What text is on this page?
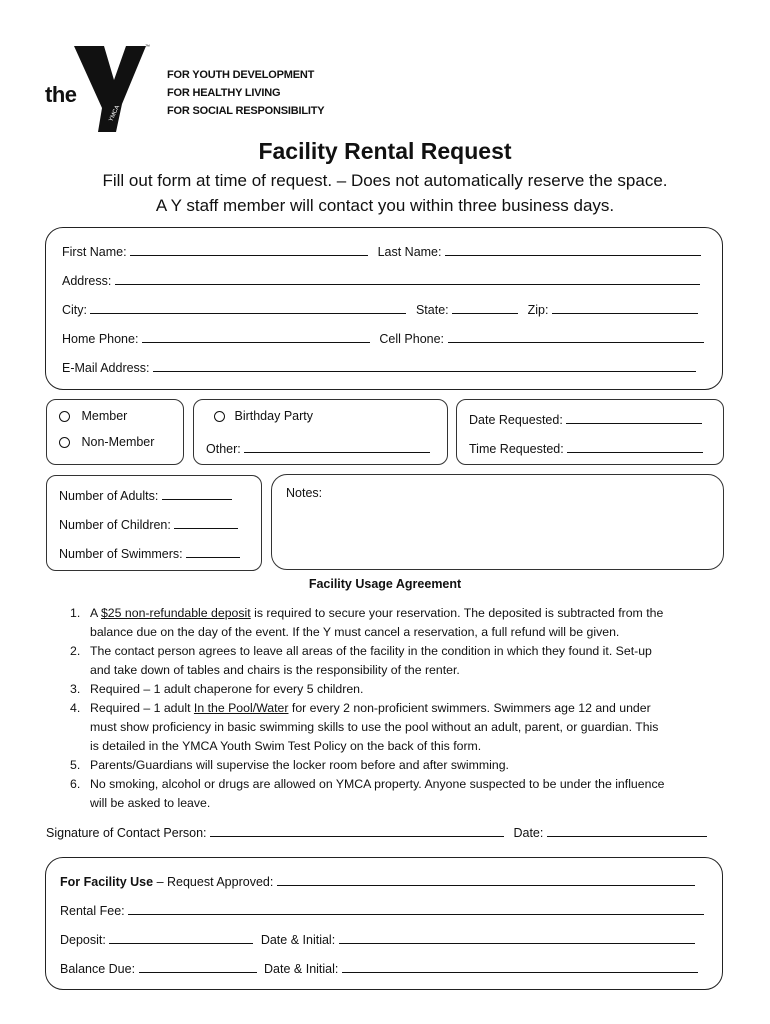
the
™
YMCA
FOR YOUTH DEVELOPMENT
FOR HEALTHY LIVING
FOR SOCIAL RESPONSIBILITY
Facility Rental Request
Fill out form at time of request. – Does not automatically reserve the space.
A Y staff member will contact you within three business days.
First Name:	Last Name:
Address:
City:	State:	Zip:
Home Phone:	Cell Phone:
E-Mail Address:
Member
Non-Member
Birthday Party
Other:
Date Requested:
Time Requested:
Number of Adults:
Number of Children:
Number of Swimmers:
Notes:
Facility Usage Agreement
1. A $25 non-refundable deposit is required to secure your reservation. The deposited is subtracted from the
balance due on the day of the event. If the Y must cancel a reservation, a full refund will be given.
2. The contact person agrees to leave all areas of the facility in the condition in which they found it. Set-up
and take down of tables and chairs is the responsibility of the renter.
3. Required – 1 adult chaperone for every 5 children.
4. Required – 1 adult In the Pool/Water for every 2 non-proficient swimmers. Swimmers age 12 and under
must show proficiency in basic swimming skills to use the pool without an adult, parent, or guardian. This
is detailed in the YMCA Youth Swim Test Policy on the back of this form.
5. Parents/Guardians will supervise the locker room before and after swimming.
6. No smoking, alcohol or drugs are allowed on YMCA property. Anyone suspected to be under the influence
will be asked to leave.
Signature of Contact Person:	Date:
For Facility Use – Request Approved:
Rental Fee:
Deposit:	Date & Initial:
Balance Due:	Date & Initial:
